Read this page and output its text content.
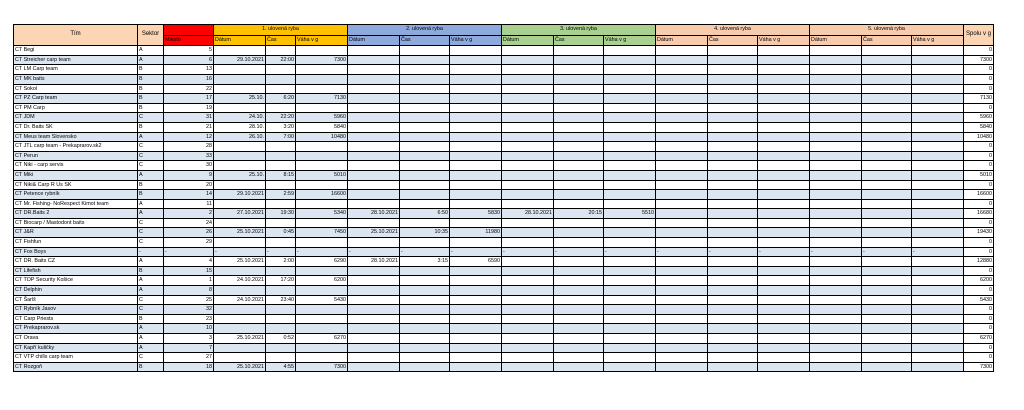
Tím	Sektor		1. ulovená ryba			2. ulovená ryba			3. ulovená ryba			4. ulovená ryba			5. ulovená ryba			Spolu v g
		Miesto	Dátum	Čas	Váha v g	Dátum	Čas	Váha v g	Dátum	Čas	Váha v g	Dátum	Čas	Váha v g	Dátum	Čas	Váha v g	
CT Begi	A	5																0
CT Streicher carp team	A	6	29.10.2021	22:00	7300													7300
CT LM Carp team	B	13																0
CT MK baits	B	16																0
CT Sokol	B	22																0
CT PZ Carp team	B	17	25.10.	6:20	7130													7130
CT PM Carp	B	19																0
CT JDM	C	31	24.10.	22:20	5960													5960
CT Dr. Baits SK	B	21	28.10.	3:20	5840													5840
CT Meus team Slovensko	A	12	26.10.	7:00	10480													10480
CT JTL carp team - Prekaprarov.sk2	C	28																0
CT Perun	C	33																0
CT Niki - carp servis	C	30																0
CT Miki	A	9	25.10.	8:15	5010													5010
CT Niki& Carp R Us SK	B	20																0
CT Petence rybník	B	14	29.10.2021	2:59	16600													16600
CT Mr. Fishing- NoRespect Kimot team	A	11																0
CT DR.Baits 2	A	2	27.10.2021	19:30	5340	28.10.2021	6:50	5830	28.10.2021	20:15	5510							16680
CT Biocarp / Mastodont baits	C	24																0
CT J&R	C	26	25.10.2021	0:45	7450	25.10.2021	10:35	11980										19430
CT Fishfun	C	29																0
CT Fox Boys	-	-	-	-	-	-	-	-	-	-	-	-	-	-	-	-	-	0
CT DR. Baits CZ	A	4	25.10.2021	2:00	6290	28.10.2021	3:15	6590										12880
CT Lifefish	B	15																0
CT TOP Security Košice	A	1	24.10.2021	17:20	6200													6200
CT Delphin	A	8																0
CT Šarlš	C	25	24.10.2021	23:40	5430													5430
CT Rybník Jasov	C	32																0
CT Carp Priests	B	23																0
CT Prekaprarov.sk	A	10																0
CT Orava	A	3	25.10.2021	0:52	6270													6270
CT Kapří kuličky	A	7																0
CT VTP chills carp team	C	27																0
CT Rozgoň	B	18	25.10.2021	4:55	7300													7300
